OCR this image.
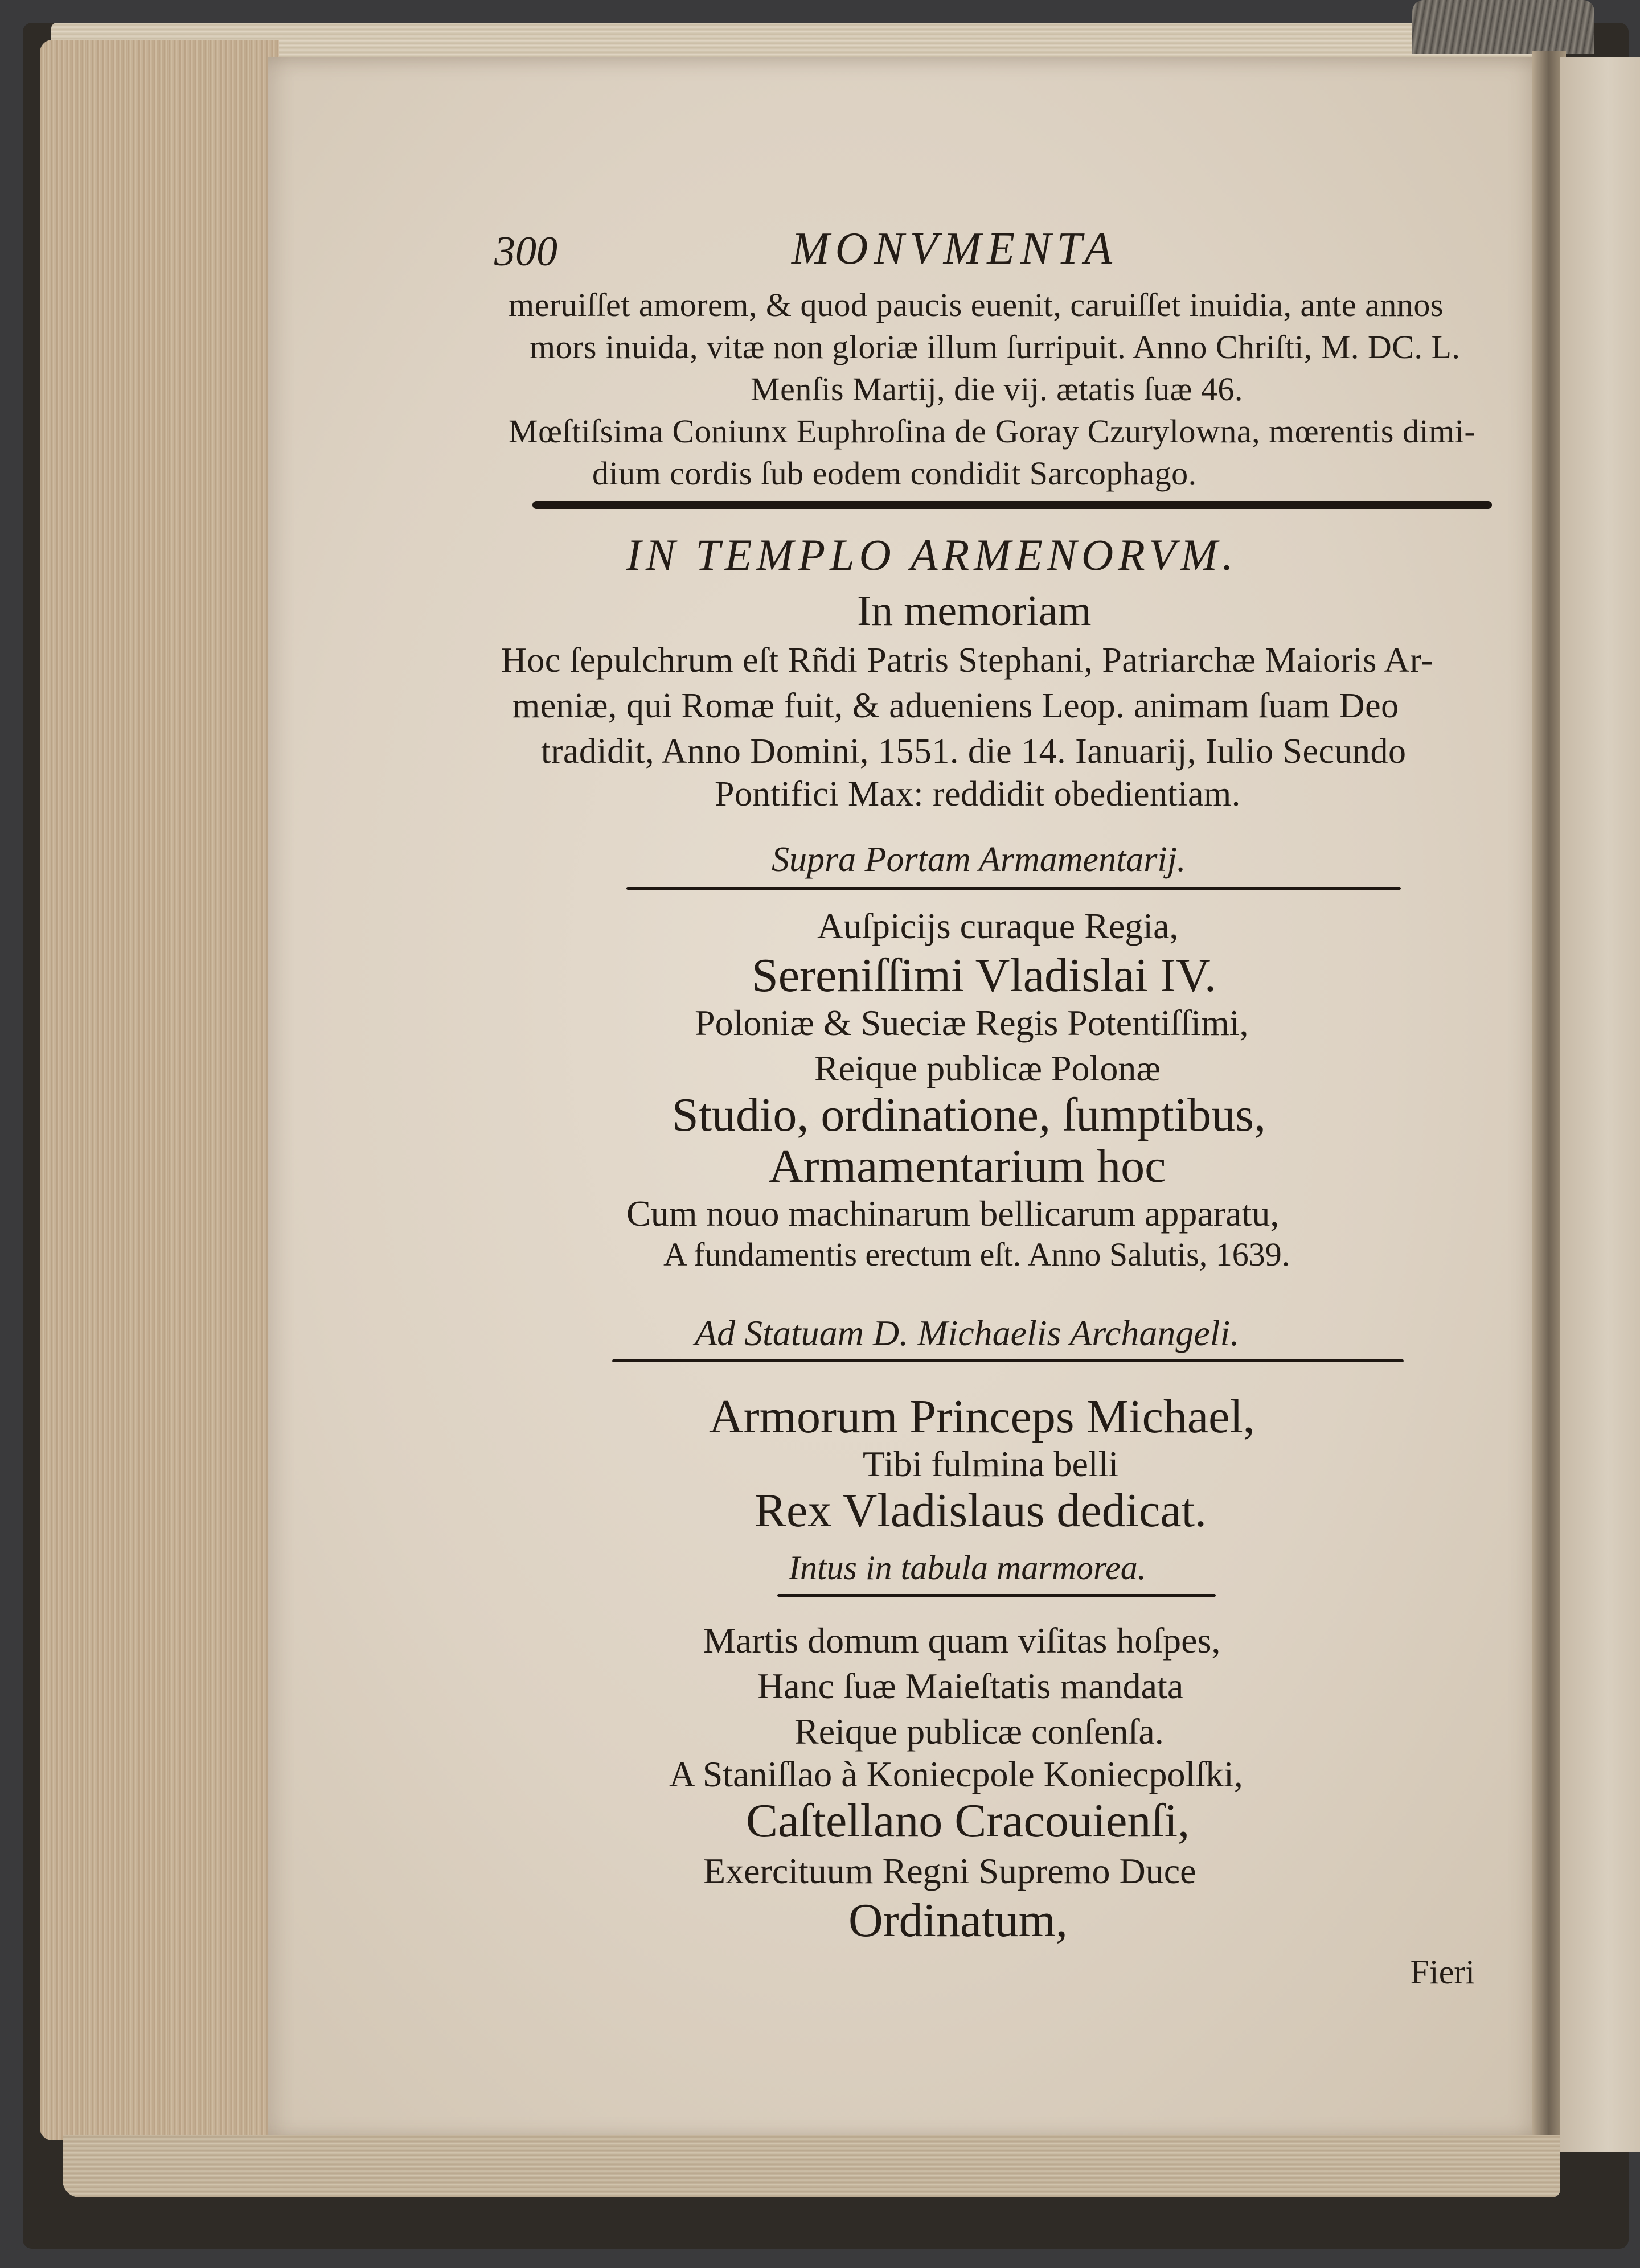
300	MONVMENTA
meruiſſet amorem, & quod paucis euenit, caruiſſet inuidia, ante annos
mors inuida, vitæ non gloriæ illum ſurripuit. Anno Chriſti, M. DC. L.
Menſis Martij, die vij. ætatis ſuæ 46.
Mœſtiſsima Coniunx Euphroſina de Goray Czurylowna, mœrentis dimi-
dium cordis ſub eodem condidit Sarcophago.
IN TEMPLO ARMENORVM.
In memoriam
Hoc ſepulchrum eſt Rñdi Patris Stephani, Patriarchæ Maioris Ar-
meniæ, qui Romæ fuit, & adueniens Leop. animam ſuam Deo
tradidit, Anno Domini, 1551. die 14. Ianuarij, Iulio Secundo
Pontifici Max: reddidit obedientiam.
Supra Portam Armamentarij.
Auſpicijs curaque Regia,
Sereniſſimi Vladislai IV.
Poloniæ & Sueciæ Regis Potentiſſimi,
Reique publicæ Polonæ
Studio, ordinatione, ſumptibus,
Armamentarium hoc
Cum nouo machinarum bellicarum apparatu,
A fundamentis erectum eſt. Anno Salutis, 1639.
Ad Statuam D. Michaelis Archangeli.
Armorum Princeps Michael,
Tibi fulmina belli
Rex Vladislaus dedicat.
Intus in tabula marmorea.
Martis domum quam viſitas hoſpes,
Hanc ſuæ Maieſtatis mandata
Reique publicæ conſenſa.
A Staniſlao à Koniecpole Koniecpolſki,
Caſtellano Cracouienſi,
Exercituum Regni Supremo Duce
Ordinatum,
Fieri
